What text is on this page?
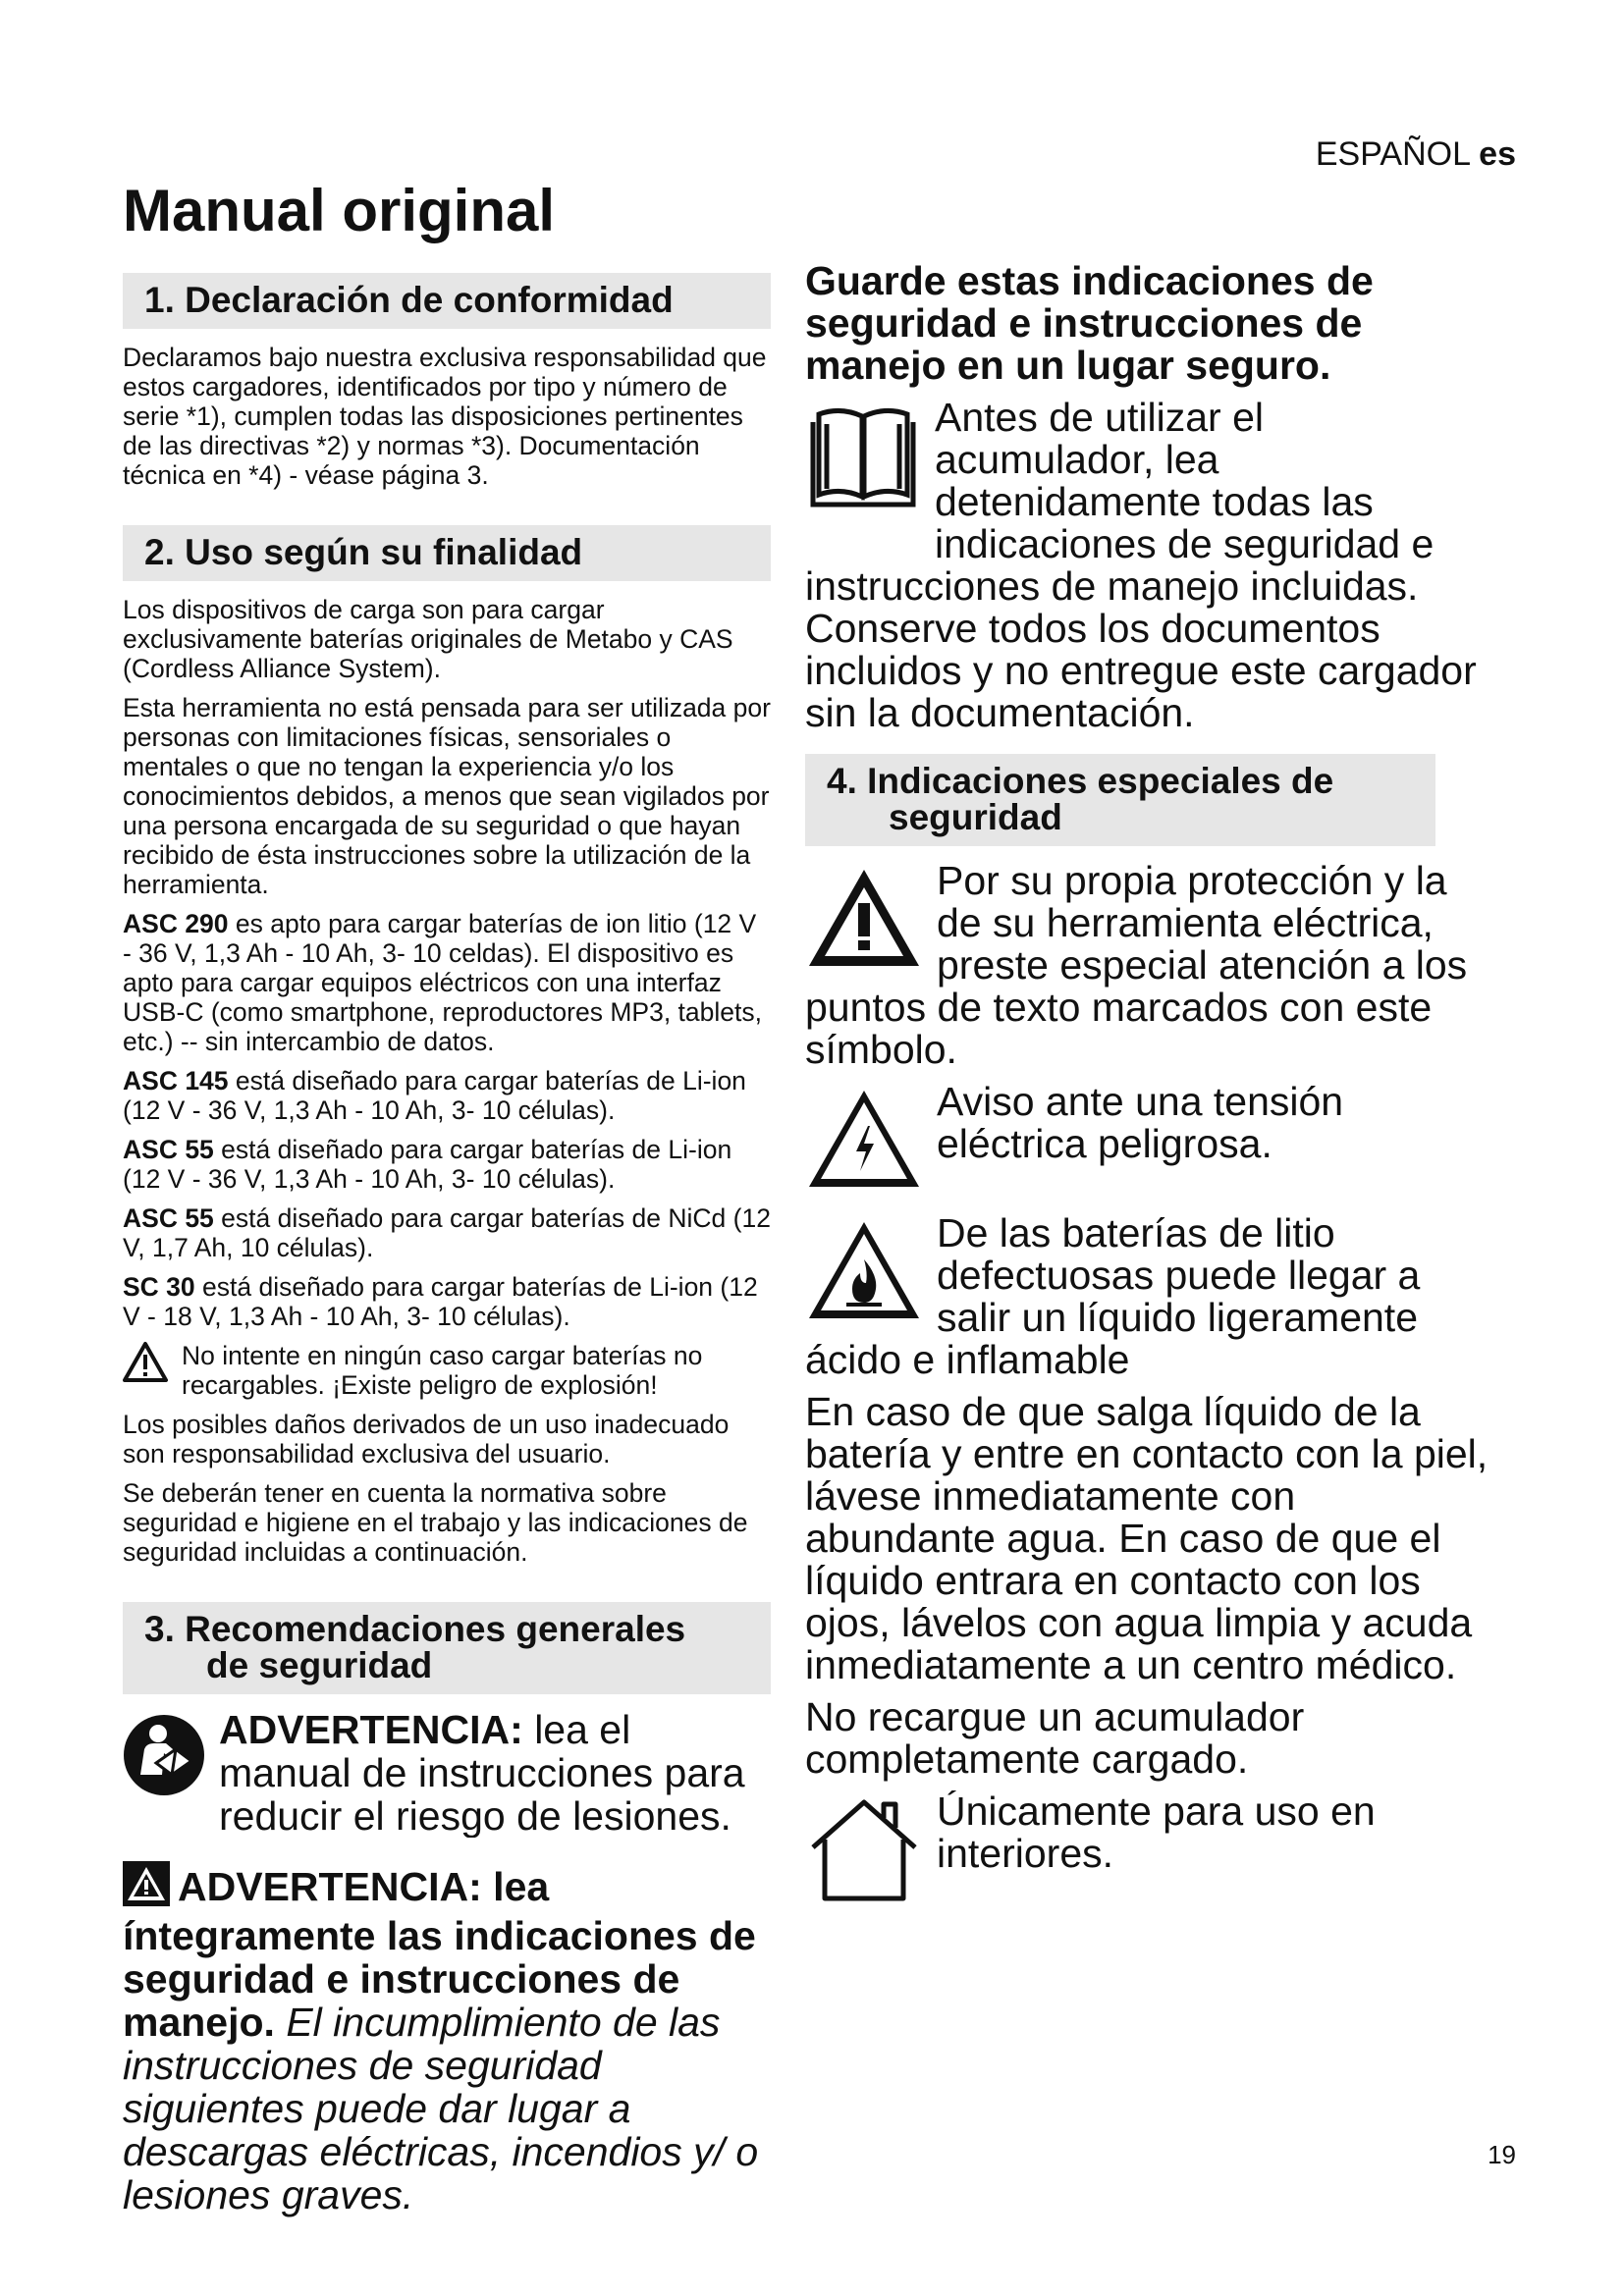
ESPAÑOL es
Manual original
1. Declaración de conformidad

Declaramos bajo nuestra exclusiva responsabilidad que estos cargadores, identificados por tipo y número de serie *1), cumplen todas las disposiciones pertinentes de las directivas *2) y normas *3). Documentación técnica en *4) - véase página 3.

2. Uso según su finalidad

Los dispositivos de carga son para cargar exclusivamente baterías originales de Metabo y CAS (Cordless Alliance System).

Esta herramienta no está pensada para ser utilizada por personas con limitaciones físicas, sensoriales o mentales o que no tengan la experiencia y/o los conocimientos debidos, a menos que sean vigilados por una persona encargada de su seguridad o que hayan recibido de ésta instrucciones sobre la utilización de la herramienta.

ASC 290 es apto para cargar baterías de ion litio (12 V - 36 V, 1,3 Ah - 10 Ah, 3- 10 celdas). El dispositivo es apto para cargar equipos eléctricos con una interfaz USB-C (como smartphone, reproductores MP3, tablets, etc.) -- sin intercambio de datos.

ASC 145 está diseñado para cargar baterías de Li-ion (12 V - 36 V, 1,3 Ah - 10 Ah, 3- 10 células).

ASC 55 está diseñado para cargar baterías de Li-ion (12 V - 36 V, 1,3 Ah - 10 Ah, 3- 10 células).

ASC 55 está diseñado para cargar baterías de NiCd (12 V, 1,7 Ah, 10 células).

SC 30 está diseñado para cargar baterías de Li-ion (12 V - 18 V, 1,3 Ah - 10 Ah, 3- 10 células).

No intente en ningún caso cargar baterías no recargables. ¡Existe peligro de explosión!

Los posibles daños derivados de un uso inadecuado son responsabilidad exclusiva del usuario.

Se deberán tener en cuenta la normativa sobre seguridad e higiene en el trabajo y las indicaciones de seguridad incluidas a continuación.

3. Recomendaciones generales
de seguridad
ADVERTENCIA: lea el manual de instrucciones para reducir el riesgo de lesiones.
ADVERTENCIA: lea íntegramente las indicaciones de seguridad e instrucciones de manejo. El incumplimiento de las instrucciones de seguridad siguientes puede dar lugar a descargas eléctricas, incendios y/ o lesiones graves.

Guarde estas indicaciones de seguridad e instrucciones de manejo en un lugar seguro.

Antes de utilizar el acumulador, lea detenidamente todas las indicaciones de seguridad e instrucciones de manejo incluidas. Conserve todos los documentos incluidos y no entregue este cargador sin la documentación.
4. Indicaciones especiales de
seguridad
Por su propia protección y la de su herramienta eléctrica, preste especial atención a los puntos de texto marcados con este símbolo.
Aviso ante una tensión eléctrica peligrosa.
De las baterías de litio defectuosas puede llegar a salir un líquido ligeramente ácido e inflamable

En caso de que salga líquido de la batería y entre en contacto con la piel, lávese inmediatamente con abundante agua. En caso de que el líquido entrara en contacto con los ojos, lávelos con agua limpia y acuda inmediatamente a un centro médico.

No recargue un acumulador completamente cargado.

Únicamente para uso en interiores.
19
